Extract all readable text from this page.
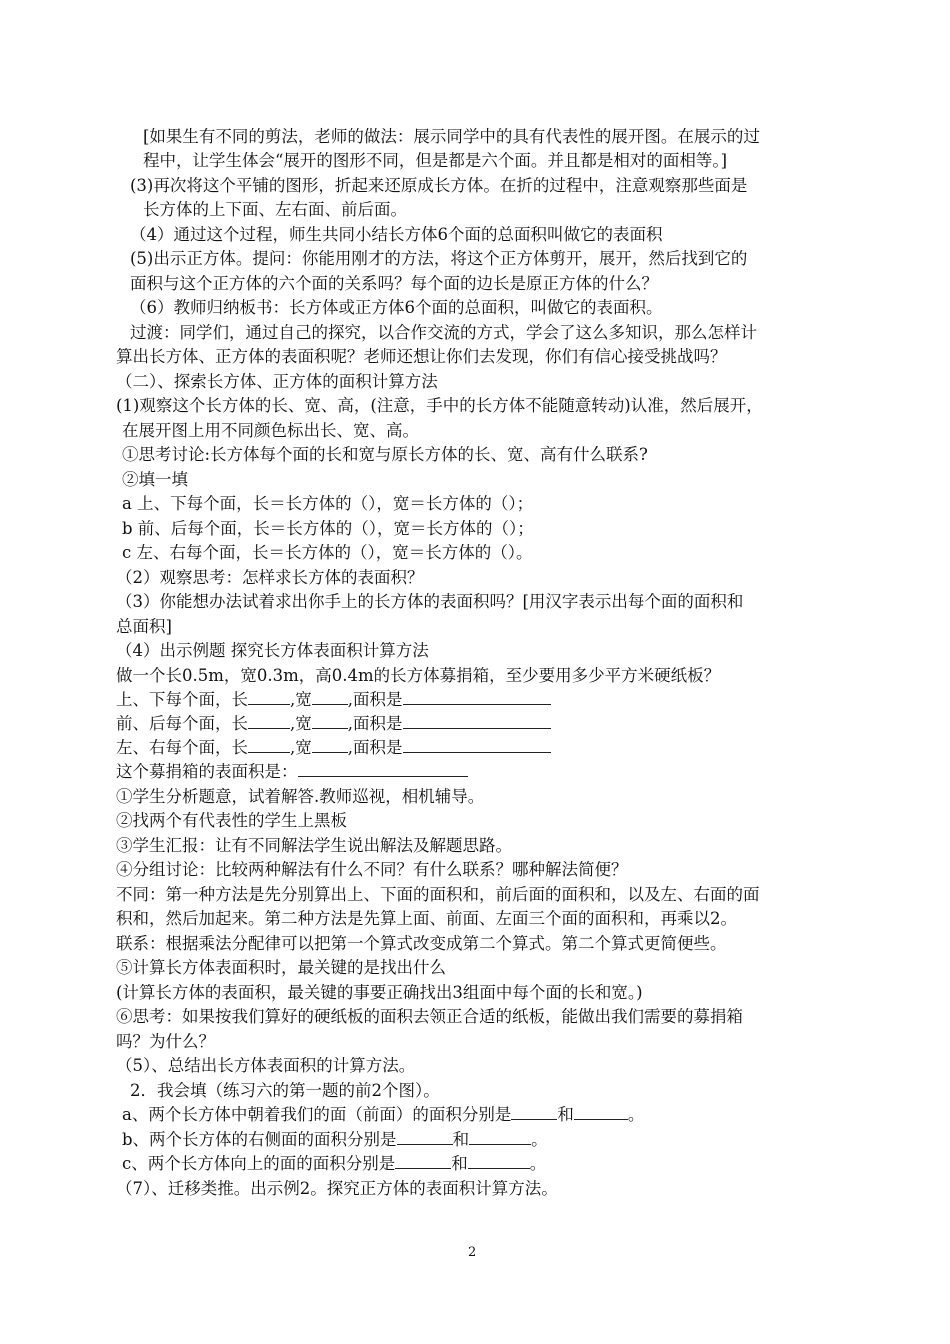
[如果生有不同的剪法，老师的做法：展示同学中的具有代表性的展开图。在展示的过
程中，让学生体会“展开的图形不同，但是都是六个面。并且都是相对的面相等。]
(3)再次将这个平铺的图形，折起来还原成长方体。在折的过程中，注意观察那些面是
长方体的上下面、左右面、前后面。
（4）通过这个过程，师生共同小结长方体6个面的总面积叫做它的表面积
(5)出示正方体。提问：你能用刚才的方法，将这个正方体剪开，展开，然后找到它的
面积与这个正方体的六个面的关系吗？每个面的边长是原正方体的什么？
（6）教师归纳板书：长方体或正方体6个面的总面积，叫做它的表面积。
过渡：同学们，通过自己的探究，以合作交流的方式，学会了这么多知识，那么怎样计
算出长方体、正方体的表面积呢？老师还想让你们去发现，你们有信心接受挑战吗？
（二）、探索长方体、正方体的面积计算方法
(1)观察这个长方体的长、宽、高，(注意，手中的长方体不能随意转动)认准，然后展开，
在展开图上用不同颜色标出长、宽、高。
①思考讨论:长方体每个面的长和宽与原长方体的长、宽、高有什么联系?
②填一填
a 上、下每个面，长＝长方体的（），宽＝长方体的（）；
b 前、后每个面，长＝长方体的（），宽＝长方体的（）；
c 左、右每个面，长＝长方体的（），宽＝长方体的（）。
（2）观察思考：怎样求长方体的表面积？
（3）你能想办法试着求出你手上的长方体的表面积吗？[用汉字表示出每个面的面积和
总面积]
（4）出示例题 探究长方体表面积计算方法
做一个长0.5m，宽0.3m，高0.4m的长方体募捐箱，至少要用多少平方米硬纸板？
上、下每个面，长	,宽 ,面积是
前、后每个面，长	,宽 ,面积是
左、右每个面，长	,宽 ,面积是
这个募捐箱的表面积是：
①学生分析题意，试着解答.教师巡视，相机辅导。
②找两个有代表性的学生上黑板
③学生汇报：让有不同解法学生说出解法及解题思路。
④分组讨论：比较两种解法有什么不同？有什么联系？哪种解法简便？
不同：第一种方法是先分别算出上、下面的面积和，前后面的面积和，以及左、右面的面
积和，然后加起来。第二种方法是先算上面、前面、左面三个面的面积和，再乘以2。
联系：根据乘法分配律可以把第一个算式改变成第二个算式。第二个算式更简便些。
⑤计算长方体表面积时，最关键的是找出什么
(计算长方体的表面积，最关键的事要正确找出3组面中每个面的长和宽。)
⑥思考：如果按我们算好的硬纸板的面积去领正合适的纸板，能做出我们需要的募捐箱
吗？为什么？
（5）、总结出长方体表面积的计算方法。
2．我会填（练习六的第一题的前2个图）。
a、两个长方体中朝着我们的面（前面）的面积分别是	和	。
b、两个长方体的右侧面的面积分别是	和	。
c、两个长方体向上的面的面积分别是	和	。
（7）、迁移类推。出示例2。探究正方体的表面积计算方法。
2
